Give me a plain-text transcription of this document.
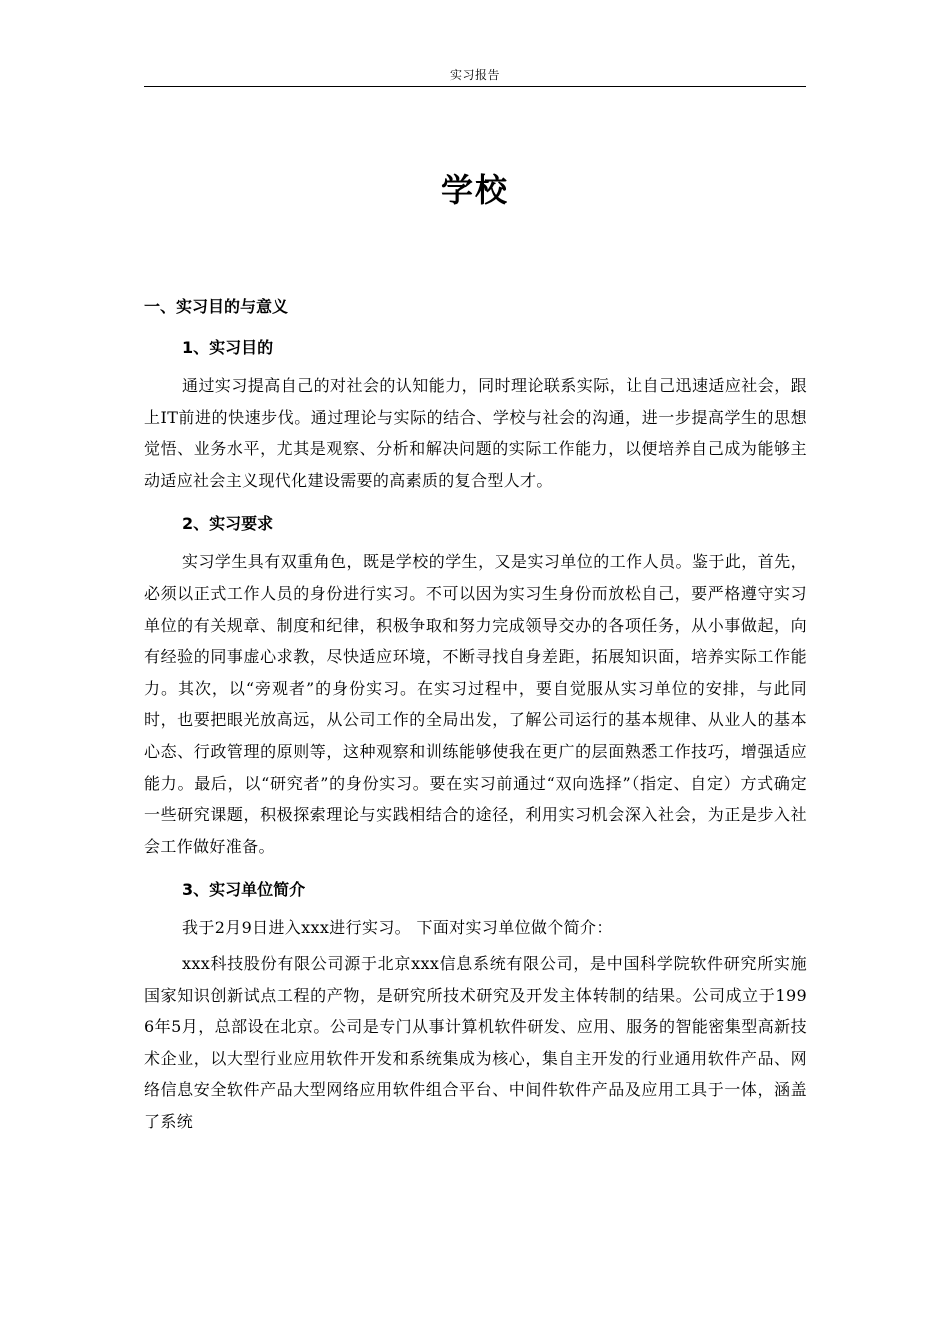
实习报告
学校

一、实习目的与意义

1、实习目的

通过实习提高自己的对社会的认知能力，同时理论联系实际，让自己迅速适应社会，跟上IT前进的快速步伐。通过理论与实际的结合、学校与社会的沟通，进一步提高学生的思想觉悟、业务水平，尤其是观察、分析和解决问题的实际工作能力，以便培养自己成为能够主动适应社会主义现代化建设需要的高素质的复合型人才。

2、实习要求

实习学生具有双重角色，既是学校的学生，又是实习单位的工作人员。鉴于此，首先，必须以正式工作人员的身份进行实习。不可以因为实习生身份而放松自己，要严格遵守实习单位的有关规章、制度和纪律，积极争取和努力完成领导交办的各项任务，从小事做起，向有经验的同事虚心求教，尽快适应环境，不断寻找自身差距，拓展知识面，培养实际工作能力。其次，以“旁观者”的身份实习。在实习过程中，要自觉服从实习单位的安排，与此同时，也要把眼光放高远，从公司工作的全局出发，了解公司运行的基本规律、从业人的基本心态、行政管理的原则等，这种观察和训练能够使我在更广的层面熟悉工作技巧，增强适应能力。最后，以“研究者”的身份实习。要在实习前通过“双向选择”（指定、自定）方式确定一些研究课题，积极探索理论与实践相结合的途径，利用实习机会深入社会，为正是步入社会工作做好准备。

3、实习单位简介

我于2月9日进入xxx进行实习。 下面对实习单位做个简介：

xxx科技股份有限公司源于北京xxx信息系统有限公司，是中国科学院软件研究所实施国家知识创新试点工程的产物，是研究所技术研究及开发主体转制的结果。公司成立于1996年5月，总部设在北京。公司是专门从事计算机软件研发、应用、服务的智能密集型高新技术企业，以大型行业应用软件开发和系统集成为核心，集自主开发的行业通用软件产品、网络信息安全软件产品大型网络应用软件组合平台、中间件软件产品及应用工具于一体，涵盖了系统
